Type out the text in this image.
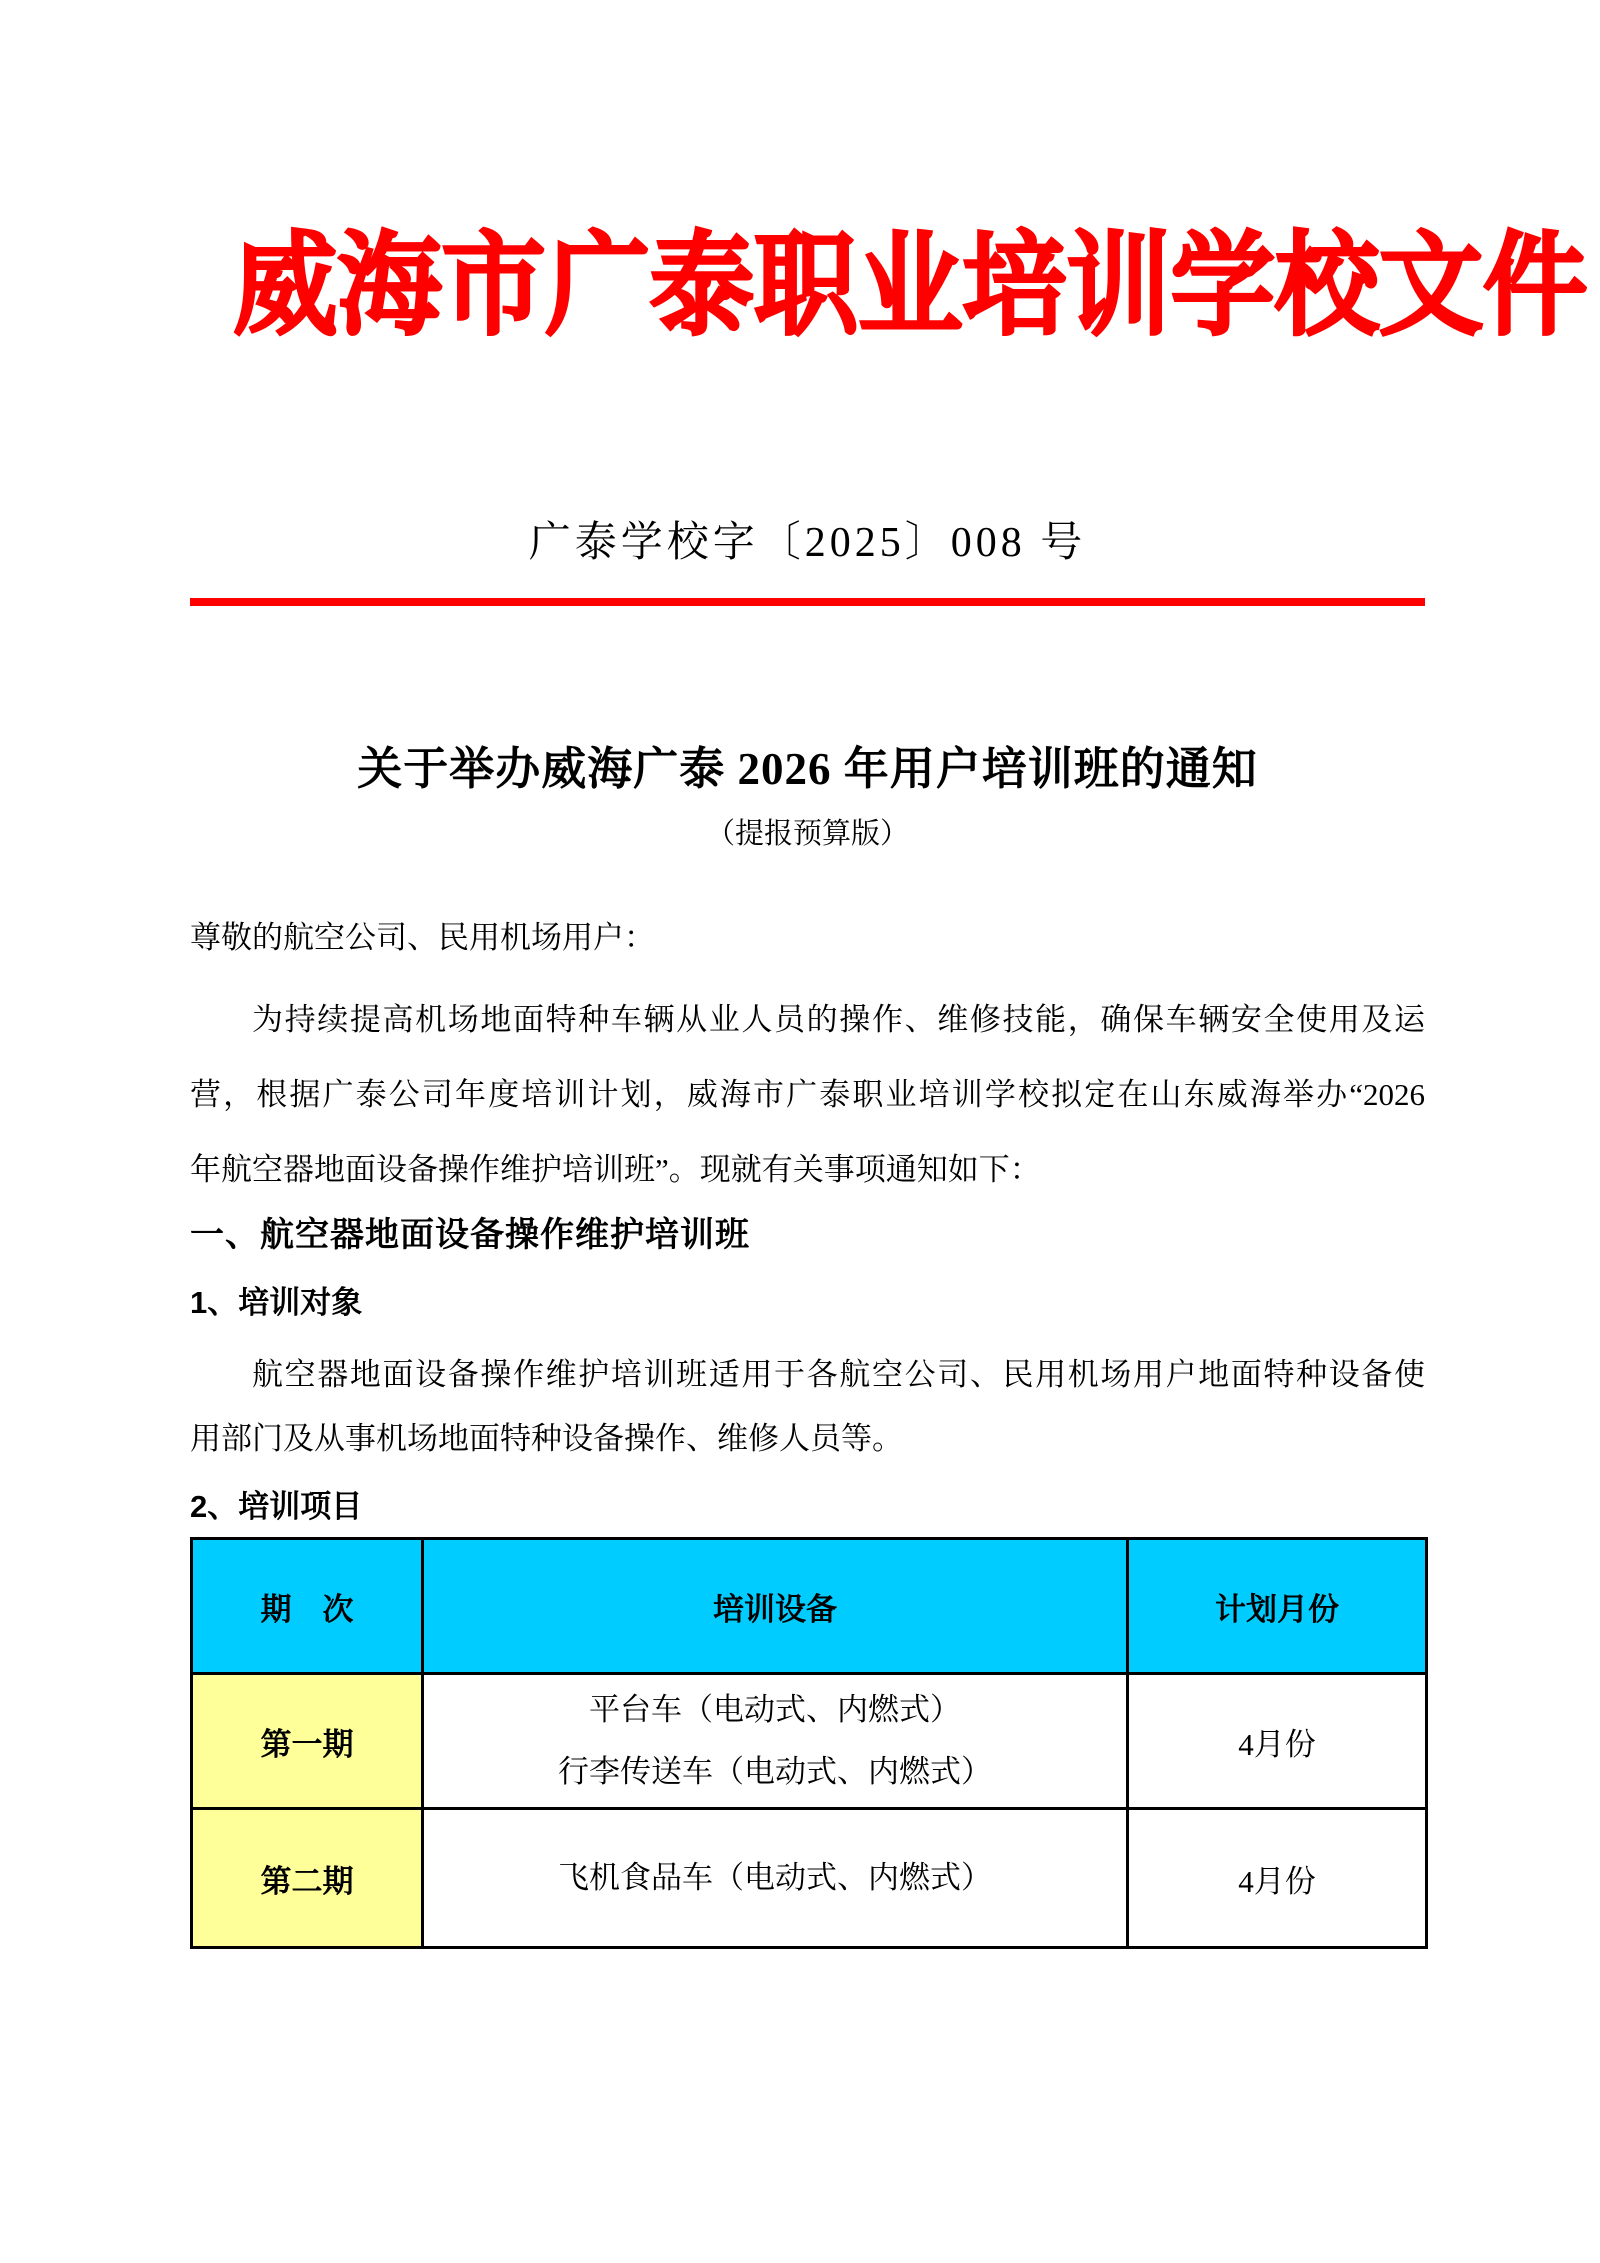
威海市广泰职业培训学校文件
广泰学校字〔2025〕008 号
关于举办威海广泰 2026 年用户培训班的通知
（提报预算版）
尊敬的航空公司、民用机场用户：
为持续提高机场地面特种车辆从业人员的操作、维修技能，确保车辆安全使用及运
营，根据广泰公司年度培训计划，威海市广泰职业培训学校拟定在山东威海举办“2026
年航空器地面设备操作维护培训班”。现就有关事项通知如下：
一、航空器地面设备操作维护培训班
1、培训对象
航空器地面设备操作维护培训班适用于各航空公司、民用机场用户地面特种设备使
用部门及从事机场地面特种设备操作、维修人员等。
2、培训项目
期　次	培训设备	计划月份
第一期	平台车（电动式、内燃式）
行李传送车（电动式、内燃式）	4月份
第二期	飞机食品车（电动式、内燃式）	4月份
